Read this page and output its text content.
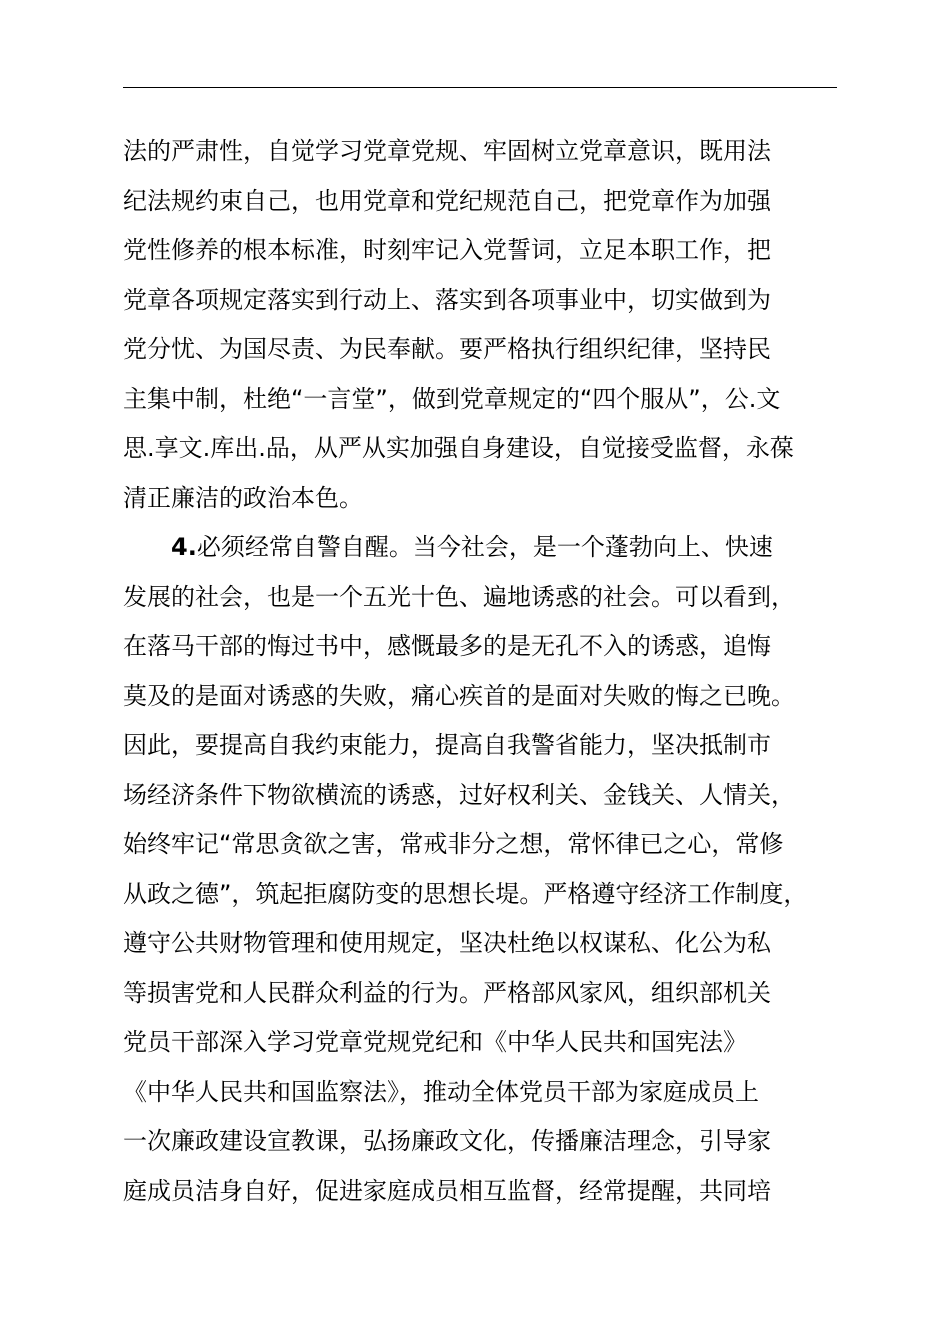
法的严肃性，自觉学习党章党规、牢固树立党章意识，既用法
纪法规约束自己，也用党章和党纪规范自己，把党章作为加强
党性修养的根本标准，时刻牢记入党誓词，立足本职工作，把
党章各项规定落实到行动上、落实到各项事业中，切实做到为
党分忧、为国尽责、为民奉献。要严格执行组织纪律，坚持民
主集中制，杜绝“一言堂”，做到党章规定的“四个服从”，公.文
思.享文.库出.品，从严从实加强自身建设，自觉接受监督，永葆
清正廉洁的政治本色。
4.必须经常自警自醒。当今社会，是一个蓬勃向上、快速
发展的社会，也是一个五光十色、遍地诱惑的社会。可以看到，
在落马干部的悔过书中，感慨最多的是无孔不入的诱惑，追悔
莫及的是面对诱惑的失败，痛心疾首的是面对失败的悔之已晚。
因此，要提高自我约束能力，提高自我警省能力，坚决抵制市
场经济条件下物欲横流的诱惑，过好权利关、金钱关、人情关，
始终牢记“常思贪欲之害，常戒非分之想，常怀律已之心，常修
从政之德”，筑起拒腐防变的思想长堤。严格遵守经济工作制度，
遵守公共财物管理和使用规定，坚决杜绝以权谋私、化公为私
等损害党和人民群众利益的行为。严格部风家风，组织部机关
党员干部深入学习党章党规党纪和《中华人民共和国宪法》
《中华人民共和国监察法》，推动全体党员干部为家庭成员上
一次廉政建设宣教课，弘扬廉政文化，传播廉洁理念，引导家
庭成员洁身自好，促进家庭成员相互监督，经常提醒，共同培
